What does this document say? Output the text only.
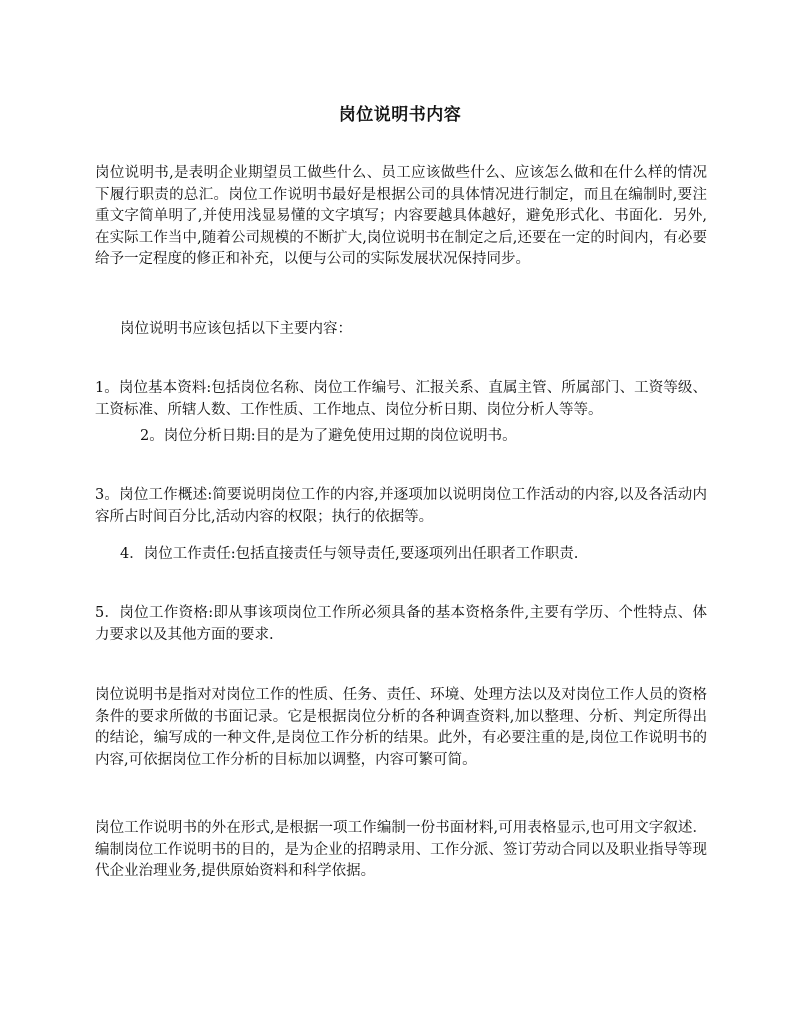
岗位说明书内容
岗位说明书,是表明企业期望员工做些什么、员工应该做些什么、应该怎么做和在什么样的情况下履行职责的总汇。岗位工作说明书最好是根据公司的具体情况进行制定，而且在编制时,要注重文字简单明了,并使用浅显易懂的文字填写；内容要越具体越好，避免形式化、书面化．另外,在实际工作当中,随着公司规模的不断扩大,岗位说明书在制定之后,还要在一定的时间内，有必要给予一定程度的修正和补充，以便与公司的实际发展状况保持同步。
岗位说明书应该包括以下主要内容：
1。岗位基本资料:包括岗位名称、岗位工作编号、汇报关系、直属主管、所属部门、工资等级、工资标准、所辖人数、工作性质、工作地点、岗位分析日期、岗位分析人等等。
2。岗位分析日期:目的是为了避免使用过期的岗位说明书。
3。岗位工作概述:简要说明岗位工作的内容,并逐项加以说明岗位工作活动的内容,以及各活动内容所占时间百分比,活动内容的权限；执行的依据等。
4．岗位工作责任:包括直接责任与领导责任,要逐项列出任职者工作职责.
5．岗位工作资格:即从事该项岗位工作所必须具备的基本资格条件,主要有学历、个性特点、体力要求以及其他方面的要求.
岗位说明书是指对对岗位工作的性质、任务、责任、环境、处理方法以及对岗位工作人员的资格条件的要求所做的书面记录。它是根据岗位分析的各种调查资料,加以整理、分析、判定所得出的结论，编写成的一种文件,是岗位工作分析的结果。此外，有必要注重的是,岗位工作说明书的内容,可依据岗位工作分析的目标加以调整，内容可繁可简。
岗位工作说明书的外在形式,是根据一项工作编制一份书面材料,可用表格显示,也可用文字叙述．编制岗位工作说明书的目的，是为企业的招聘录用、工作分派、签订劳动合同以及职业指导等现代企业治理业务,提供原始资料和科学依据。
